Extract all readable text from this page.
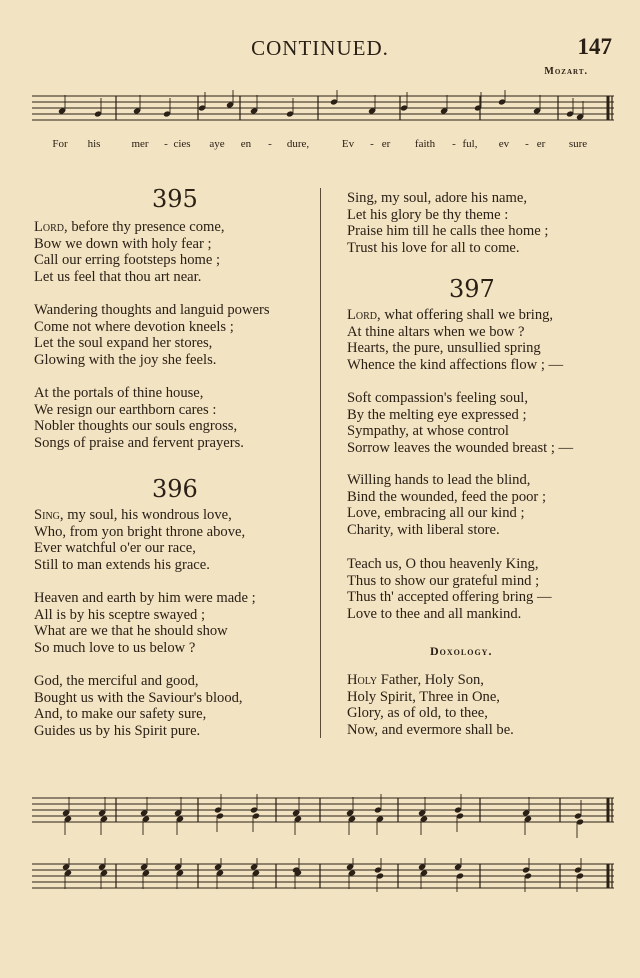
CONTINUED.	147
Mozart.
For his	mer - cies aye en - dure,	Ev - er faith - ful, ev - er sure
395
Lord, before thy presence come,
Bow we down with holy fear ;
Call our erring footsteps home ;
Let us feel that thou art near.
Wandering thoughts and languid powers
Come not where devotion kneels ;
Let the soul expand her stores,
Glowing with the joy she feels.
At the portals of thine house,
We resign our earthborn cares :
Nobler thoughts our souls engross,
Songs of praise and fervent prayers.
396
Sing, my soul, his wondrous love,
Who, from yon bright throne above,
Ever watchful o'er our race,
Still to man extends his grace.
Heaven and earth by him were made ;
All is by his sceptre swayed ;
What are we that he should show
So much love to us below ?
God, the merciful and good,
Bought us with the Saviour's blood,
And, to make our safety sure,
Guides us by his Spirit pure.
Sing, my soul, adore his name,
Let his glory be thy theme :
Praise him till he calls thee home ;
Trust his love for all to come.
397
Lord, what offering shall we bring,
At thine altars when we bow ?
Hearts, the pure, unsullied spring
Whence the kind affections flow ; —
Soft compassion's feeling soul,
By the melting eye expressed ;
Sympathy, at whose control
Sorrow leaves the wounded breast ; —
Willing hands to lead the blind,
Bind the wounded, feed the poor ;
Love, embracing all our kind ;
Charity, with liberal store.
Teach us, O thou heavenly King,
Thus to show our grateful mind ;
Thus th' accepted offering bring —
Love to thee and all mankind.
Doxology.
Holy Father, Holy Son,
Holy Spirit, Three in One,
Glory, as of old, to thee,
Now, and evermore shall be.
